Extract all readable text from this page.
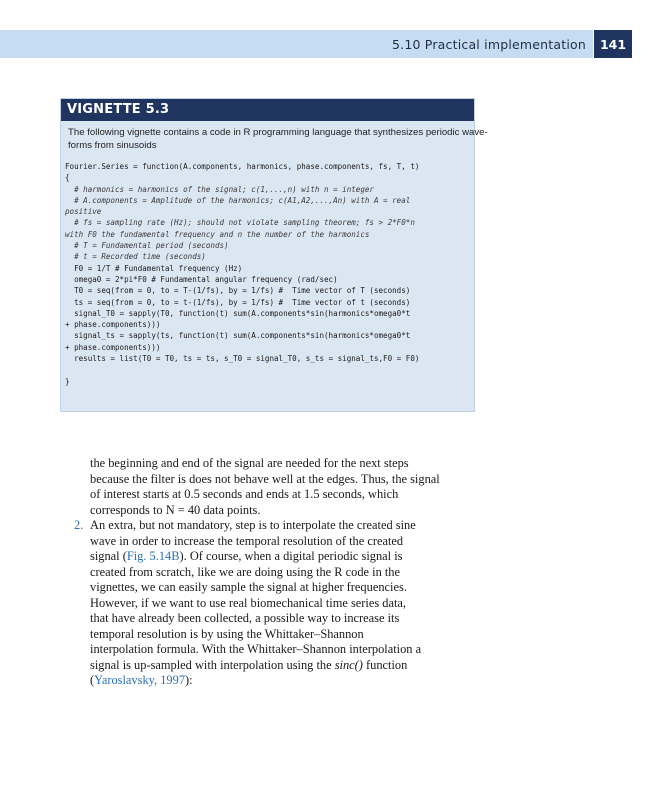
5.10 Practical implementation	141
VIGNETTE 5.3
The following vignette contains a code in R programming language that synthesizes periodic wave-
forms from sinusoids
Fourier.Series = function(A.components, harmonics, phase.components, fs, T, t)
{
# harmonics = harmonics of the signal; c(1,...,n) with n = integer
# A.components = Amplitude of the harmonics; c(A1,A2,...,An) with A = real
positive
# fs = sampling rate (Hz); should not violate sampling theorem; fs > 2*F0*n
with F0 the fundamental frequency and n the number of the harmonics
# T = Fundamental period (seconds)
# t = Recorded time (seconds)
F0 = 1/T # Fundamental frequency (Hz)
omega0 = 2*pi*F0 # Fundamental angular frequency (rad/sec)
T0 = seq(from = 0, to = T-(1/fs), by = 1/fs) #  Time vector of T (seconds)
ts = seq(from = 0, to = t-(1/fs), by = 1/fs) #  Time vector of t (seconds)
signal_T0 = sapply(T0, function(t) sum(A.components*sin(harmonics*omega0*t
+ phase.components)))
signal_ts = sapply(ts, function(t) sum(A.components*sin(harmonics*omega0*t
+ phase.components)))
results = list(T0 = T0, ts = ts, s_T0 = signal_T0, s_ts = signal_ts,F0 = F0)

}

the beginning and end of the signal are needed for the next steps
because the filter is does not behave well at the edges. Thus, the signal
of interest starts at 0.5 seconds and ends at 1.5 seconds, which
corresponds to N = 40 data points.

2. An extra, but not mandatory, step is to interpolate the created sine
wave in order to increase the temporal resolution of the created
signal (Fig. 5.14B). Of course, when a digital periodic signal is
created from scratch, like we are doing using the R code in the
vignettes, we can easily sample the signal at higher frequencies.
However, if we want to use real biomechanical time series data,
that have already been collected, a possible way to increase its
temporal resolution is by using the Whittaker–Shannon
interpolation formula. With the Whittaker–Shannon interpolation a
signal is up-sampled with interpolation using the sinc() function
(Yaroslavsky, 1997):
